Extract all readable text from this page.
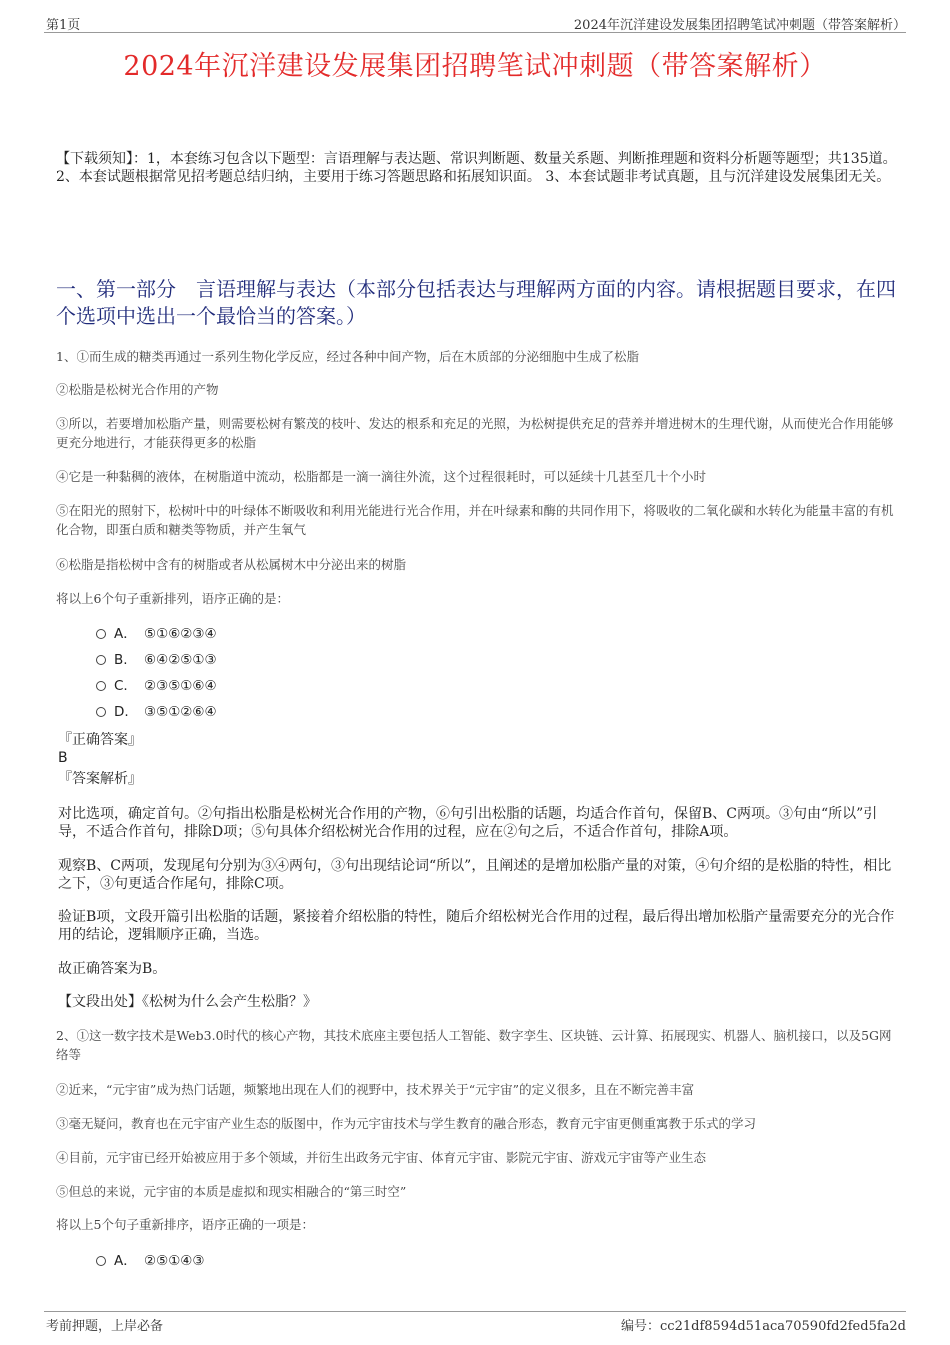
第1页	2024年沉洋建设发展集团招聘笔试冲刺题（带答案解析）
2024年沉洋建设发展集团招聘笔试冲刺题（带答案解析）
【下载须知】：1，本套练习包含以下题型：言语理解与表达题、常识判断题、数量关系题、判断推理题和资料分析题等题型；共135道。 2、本套试题根据常见招考题总结归纳，主要用于练习答题思路和拓展知识面。 3、本套试题非考试真题，且与沉洋建设发展集团无关。
一、第一部分　言语理解与表达（本部分包括表达与理解两方面的内容。请根据题目要求，在四个选项中选出一个最恰当的答案。）
1、①而生成的糖类再通过一系列生物化学反应，经过各种中间产物，后在木质部的分泌细胞中生成了松脂
②松脂是松树光合作用的产物
③所以，若要增加松脂产量，则需要松树有繁茂的枝叶、发达的根系和充足的光照，为松树提供充足的营养并增进树木的生理代谢，从而使光合作用能够更充分地进行，才能获得更多的松脂
④它是一种黏稠的液体，在树脂道中流动，松脂都是一滴一滴往外流，这个过程很耗时，可以延续十几甚至几十个小时
⑤在阳光的照射下，松树叶中的叶绿体不断吸收和利用光能进行光合作用，并在叶绿素和酶的共同作用下，将吸收的二氧化碳和水转化为能量丰富的有机化合物，即蛋白质和糖类等物质，并产生氧气
⑥松脂是指松树中含有的树脂或者从松属树木中分泌出来的树脂
将以上6个句子重新排列，语序正确的是：
A． ⑤①⑥②③④
B. ⑥④②⑤①③
C. ②③⑤①⑥④
D. ③⑤①②⑥④
『正确答案』
B
『答案解析』
对比选项，确定首句。②句指出松脂是松树光合作用的产物，⑥句引出松脂的话题，均适合作首句，保留B、C两项。③句由“所以”引导，不适合作首句，排除D项；⑤句具体介绍松树光合作用的过程，应在②句之后，不适合作首句，排除A项。
观察B、C两项，发现尾句分别为③④两句，③句出现结论词“所以”，且阐述的是增加松脂产量的对策，④句介绍的是松脂的特性，相比之下，③句更适合作尾句，排除C项。
验证B项，文段开篇引出松脂的话题，紧接着介绍松脂的特性，随后介绍松树光合作用的过程，最后得出增加松脂产量需要充分的光合作用的结论，逻辑顺序正确，当选。
故正确答案为B。
【文段出处】《松树为什么会产生松脂？》
2、①这一数字技术是Web3.0时代的核心产物，其技术底座主要包括人工智能、数字孪生、区块链、云计算、拓展现实、机器人、脑机接口，以及5G网络等
②近来，“元宇宙”成为热门话题，频繁地出现在人们的视野中，技术界关于“元宇宙”的定义很多，且在不断完善丰富
③毫无疑问，教育也在元宇宙产业生态的版图中，作为元宇宙技术与学生教育的融合形态，教育元宇宙更侧重寓教于乐式的学习
④目前，元宇宙已经开始被应用于多个领域，并衍生出政务元宇宙、体育元宇宙、影院元宇宙、游戏元宇宙等产业生态
⑤但总的来说，元宇宙的本质是虚拟和现实相融合的“第三时空”
将以上5个句子重新排序，语序正确的一项是：
A． ②⑤①④③
考前押题，上岸必备	编号：cc21df8594d51aca70590fd2fed5fa2d
